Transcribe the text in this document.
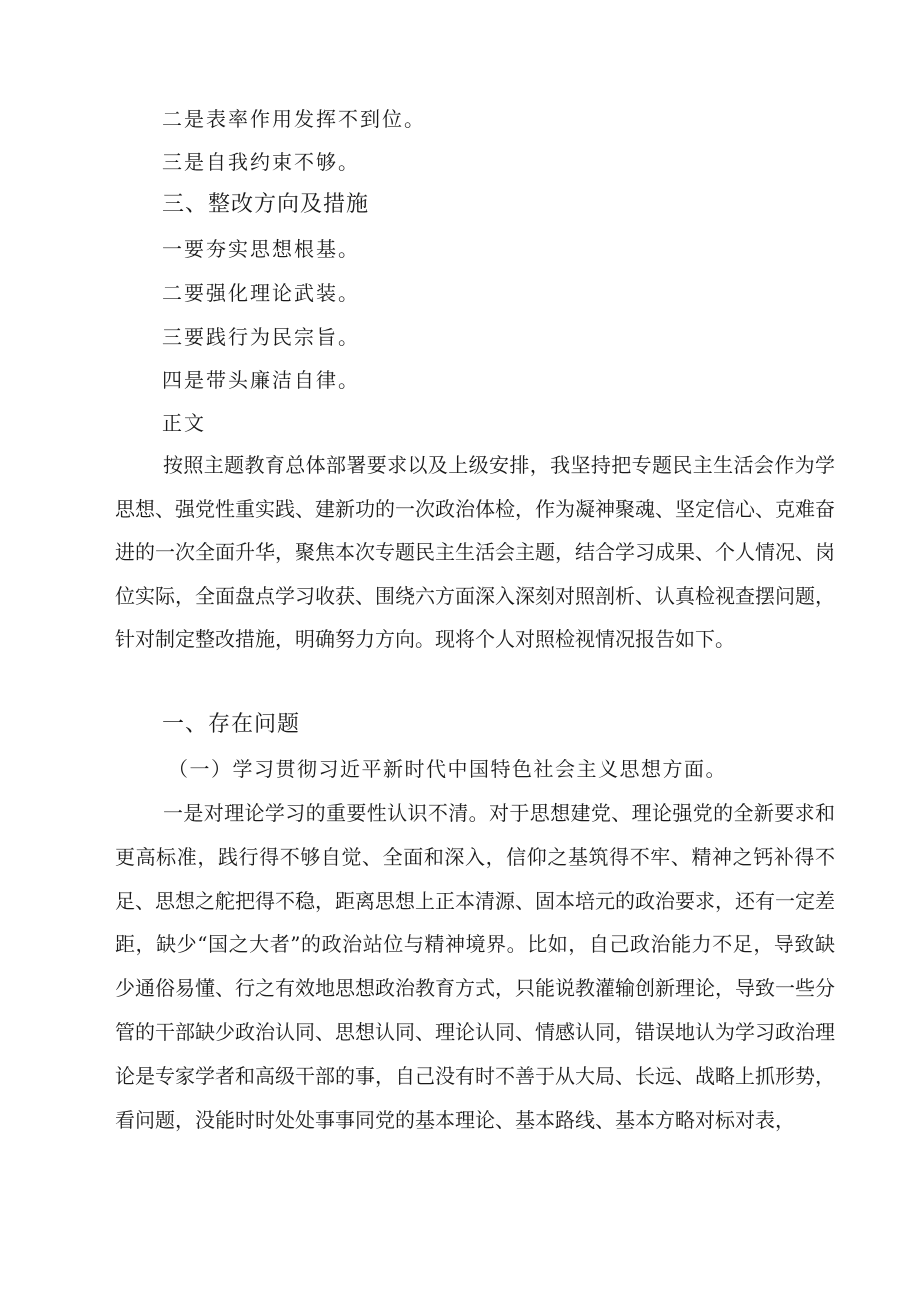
二是表率作用发挥不到位。
三是自我约束不够。
三、整改方向及措施
一要夯实思想根基。
二要强化理论武装。
三要践行为民宗旨。
四是带头廉洁自律。
正文
按照主题教育总体部署要求以及上级安排，我坚持把专题民主生活会作为学思想、强党性重实践、建新功的一次政治体检，作为凝神聚魂、坚定信心、克难奋进的一次全面升华，聚焦本次专题民主生活会主题，结合学习成果、个人情况、岗位实际，全面盘点学习收获、围绕六方面深入深刻对照剖析、认真检视查摆问题，针对制定整改措施，明确努力方向。现将个人对照检视情况报告如下。
一、存在问题
（一）学习贯彻习近平新时代中国特色社会主义思想方面。
一是对理论学习的重要性认识不清。对于思想建党、理论强党的全新要求和更高标准，践行得不够自觉、全面和深入，信仰之基筑得不牢、精神之钙补得不足、思想之舵把得不稳，距离思想上正本清源、固本培元的政治要求，还有一定差距，缺少“国之大者”的政治站位与精神境界。比如，自己政治能力不足，导致缺少通俗易懂、行之有效地思想政治教育方式，只能说教灌输创新理论，导致一些分管的干部缺少政治认同、思想认同、理论认同、情感认同，错误地认为学习政治理论是专家学者和高级干部的事，自己没有时不善于从大局、长远、战略上抓形势，看问题，没能时时处处事事同党的基本理论、基本路线、基本方略对标对表，
